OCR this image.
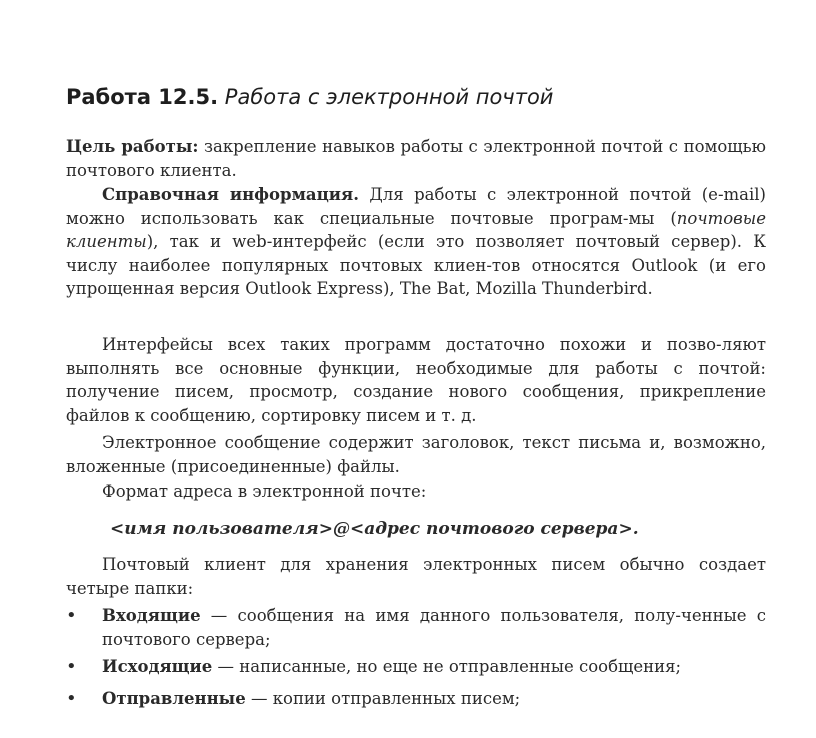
Работа 12.5. Работа с электронной почтой

Цель работы: закрепление навыков работы с электронной почтой с помощью почтового клиента.

Справочная информация. Для работы с электронной почтой (e-mail) можно использовать как специальные почтовые програм-мы (почтовые клиенты), так и web-интерфейс (если это позволяет почтовый сервер). К числу наиболее популярных почтовых клиен-тов относятся Outlook (и его упрощенная версия Outlook Express), The Bat, Mozilla Thunderbird.

Интерфейсы всех таких программ достаточно похожи и позво-ляют выполнять все основные функции, необходимые для работы с почтой: получение писем, просмотр, создание нового сообщения, прикрепление файлов к сообщению, сортировку писем и т. д.

Электронное сообщение содержит заголовок, текст письма и, возможно, вложенные (присоединенные) файлы.

Формат адреса в электронной почте:

<имя пользователя>@<адрес почтового сервера>.

Почтовый клиент для хранения электронных писем обычно создает четыре папки:

• Входящие — сообщения на имя данного пользователя, полу-ченные с почтового сервера;
• Исходящие — написанные, но еще не отправленные сообщения;
• Отправленные — копии отправленных писем;
